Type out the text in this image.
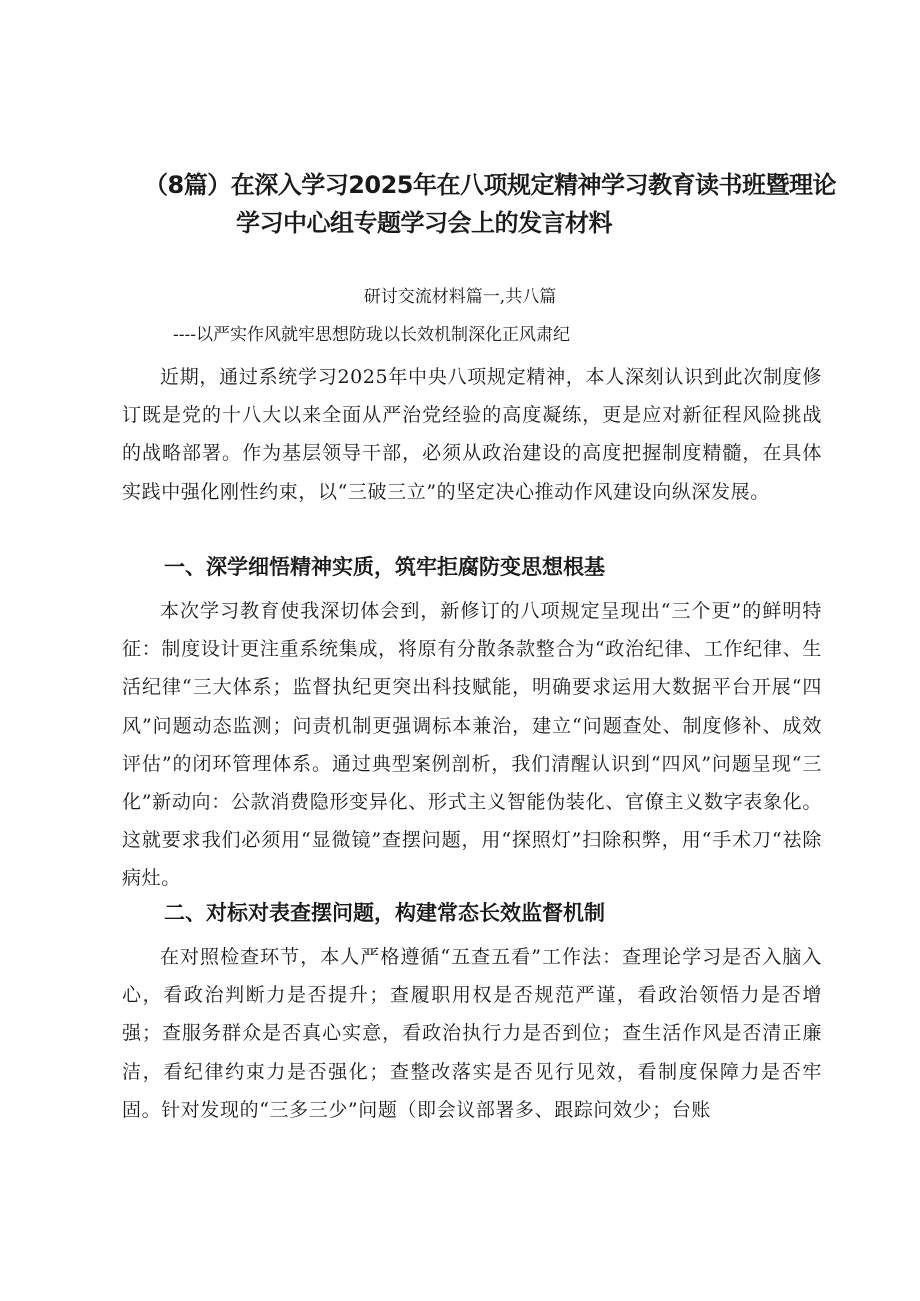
（8篇）在深入学习2025年在八项规定精神学习教育读书班暨理论
学习中心组专题学习会上的发言材料

研讨交流材料篇一,共八篇

----以严实作风就牢思想防珑以长效机制深化正风肃纪

近期，通过系统学习2025年中央八项规定精神，本人深刻认识到此次制度修订既是党的十八大以来全面从严治党经验的高度凝练，更是应对新征程风险挑战的战略部署。作为基层领导干部，必须从政治建设的高度把握制度精髓，在具体实践中强化刚性约束，以“三破三立”的坚定决心推动作风建设向纵深发展。

一、深学细悟精神实质，筑牢拒腐防变思想根基

本次学习教育使我深切体会到，新修订的八项规定呈现出“三个更”的鲜明特征：制度设计更注重系统集成，将原有分散条款整合为“政治纪律、工作纪律、生活纪律“三大体系；监督执纪更突出科技赋能，明确要求运用大数据平台开展“四风”问题动态监测；问责机制更强调标本兼治，建立“问题查处、制度修补、成效评估”的闭环管理体系。通过典型案例剖析，我们清醒认识到“四风”问题呈现“三化”新动向：公款消费隐形变异化、形式主义智能伪装化、官僚主义数字表象化。这就要求我们必须用“显微镜”查摆问题，用“探照灯”扫除积弊，用“手术刀“祛除病灶。

二、对标对表查摆问题，构建常态长效监督机制

在对照检查环节，本人严格遵循“五查五看”工作法：查理论学习是否入脑入心，看政治判断力是否提升；查履职用权是否规范严谨，看政治领悟力是否增强；查服务群众是否真心实意，看政治执行力是否到位；查生活作风是否清正廉洁，看纪律约束力是否强化；查整改落实是否见行见效，看制度保障力是否牢固。针对发现的“三多三少”问题（即会议部署多、跟踪问效少；台账
